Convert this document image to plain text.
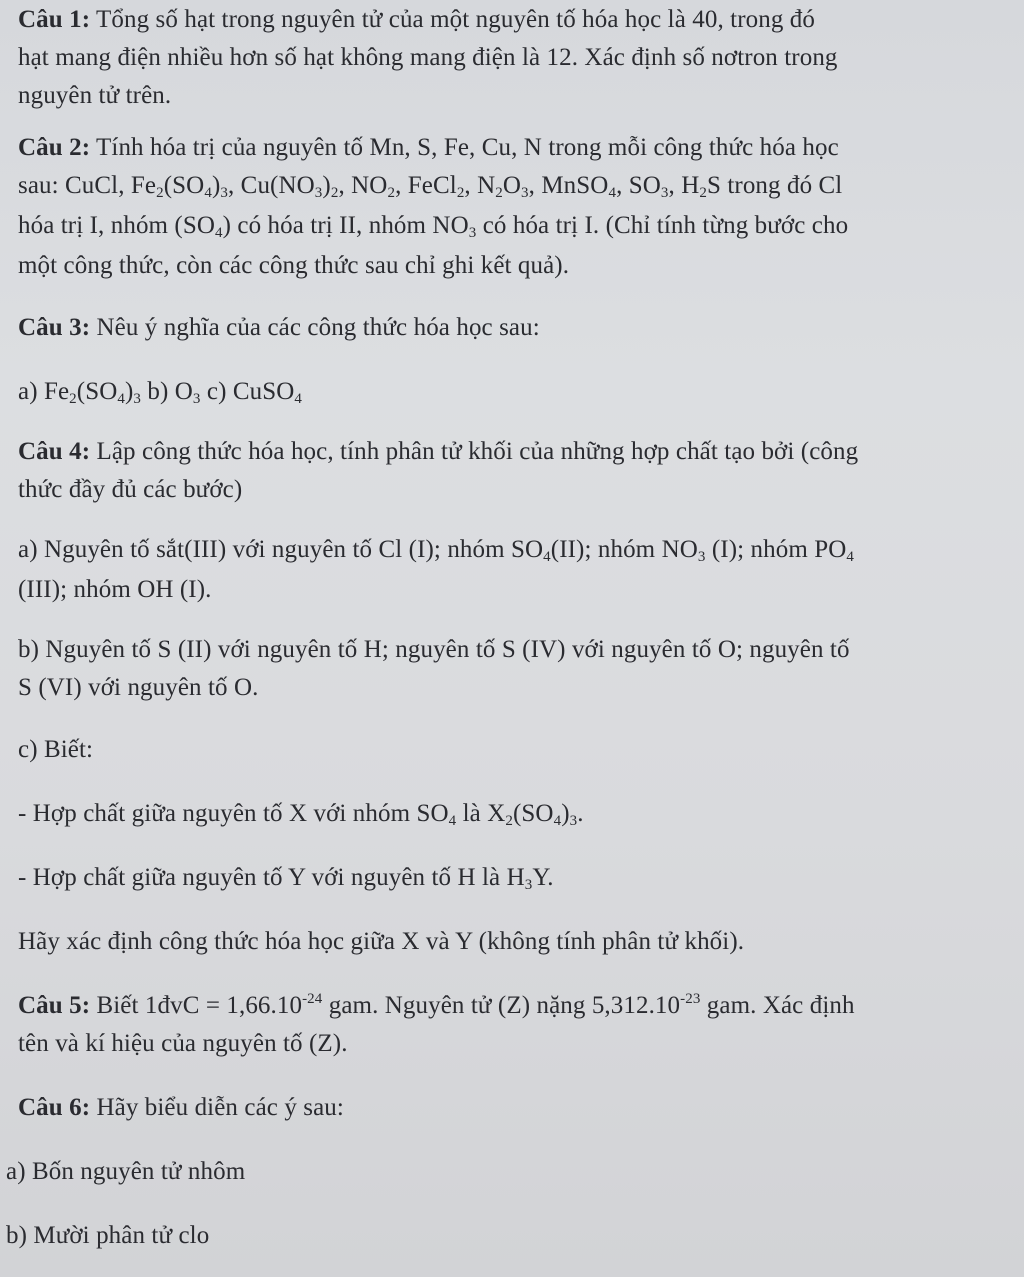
Câu 1: Tổng số hạt trong nguyên tử của một nguyên tố hóa học là 40, trong đó
hạt mang điện nhiều hơn số hạt không mang điện là 12. Xác định số nơtron trong
nguyên tử trên.
Câu 2: Tính hóa trị của nguyên tố Mn, S, Fe, Cu, N trong mỗi công thức hóa học
sau: CuCl, $Fe_2(SO_4)_3$, $Cu(NO_3)_2$, $NO_2$, FeCl$_2$, $N_2O_3$, MnSO$_4$, $SO_3$, $H_2S$ trong đó Cl
hóa trị I, nhóm $(SO_4)$ có hóa trị II, nhóm $NO_3$ có hóa trị I. (Chỉ tính từng bước cho
một công thức, còn các công thức sau chỉ ghi kết quả).
Câu 3: Nêu ý nghĩa của các công thức hóa học sau:
a) $Fe_2(SO_4)_3$ b) $O_3$ c) CuSO$_4$
Câu 4: Lập công thức hóa học, tính phân tử khối của những hợp chất tạo bởi (công
thức đầy đủ các bước)
a) Nguyên tố sắt(III) với nguyên tố Cl (I); nhóm $SO_4(II)$; nhóm $NO_3$ (I); nhóm $PO_4$
(III); nhóm OH (I).
b) Nguyên tố S (II) với nguyên tố H; nguyên tố S (IV) với nguyên tố O; nguyên tố
S (VI) với nguyên tố O.
c) Biết:
- Hợp chất giữa nguyên tố X với nhóm $SO_4$ là $X_2(SO_4)_3$.
- Hợp chất giữa nguyên tố Y với nguyên tố H là $H_3Y$.
Hãy xác định công thức hóa học giữa X và Y (không tính phân tử khối).
Câu 5: Biết 1đvC = $1,66.10^{-24}$ gam. Nguyên tử (Z) nặng $5,312.10^{-23}$ gam. Xác định
tên và kí hiệu của nguyên tố (Z).
Câu 6: Hãy biểu diễn các ý sau:
a) Bốn nguyên tử nhôm
b) Mười phân tử clo
